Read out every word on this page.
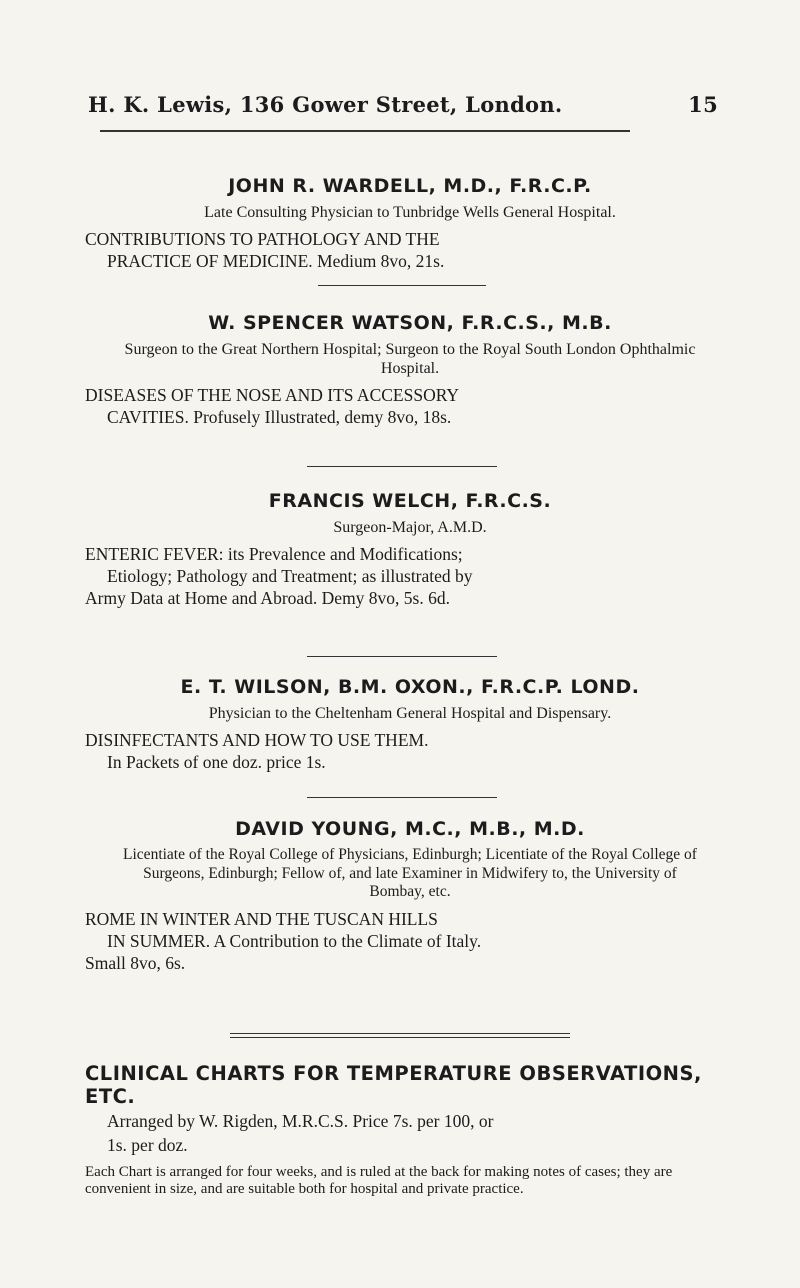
H. K. Lewis, 136 Gower Street, London.	15

JOHN R. WARDELL, M.D., F.R.C.P.

Late Consulting Physician to Tunbridge Wells General Hospital.

CONTRIBUTIONS TO PATHOLOGY AND THE
PRACTICE OF MEDICINE. Medium 8vo, 21s.

W. SPENCER WATSON, F.R.C.S., M.B.

Surgeon to the Great Northern Hospital; Surgeon to the Royal South London Ophthalmic Hospital.

DISEASES OF THE NOSE AND ITS ACCESSORY
CAVITIES. Profusely Illustrated, demy 8vo, 18s.

FRANCIS WELCH, F.R.C.S.

Surgeon-Major, A.M.D.

ENTERIC FEVER: its Prevalence and Modifications;
Etiology; Pathology and Treatment; as illustrated by
Army Data at Home and Abroad. Demy 8vo, 5s. 6d.

E. T. WILSON, B.M. OXON., F.R.C.P. LOND.

Physician to the Cheltenham General Hospital and Dispensary.

DISINFECTANTS AND HOW TO USE THEM.
In Packets of one doz. price 1s.

DAVID YOUNG, M.C., M.B., M.D.

Licentiate of the Royal College of Physicians, Edinburgh; Licentiate of the Royal College of Surgeons, Edinburgh; Fellow of, and late Examiner in Midwifery to, the University of Bombay, etc.

ROME IN WINTER AND THE TUSCAN HILLS
IN SUMMER. A Contribution to the Climate of Italy.
Small 8vo, 6s.

CLINICAL CHARTS FOR TEMPERATURE OBSERVATIONS, ETC.

Arranged by W. Rigden, M.R.C.S. Price 7s. per 100, or

1s. per doz.

Each Chart is arranged for four weeks, and is ruled at the back for making notes of cases; they are convenient in size, and are suitable both for hospital and private practice.
